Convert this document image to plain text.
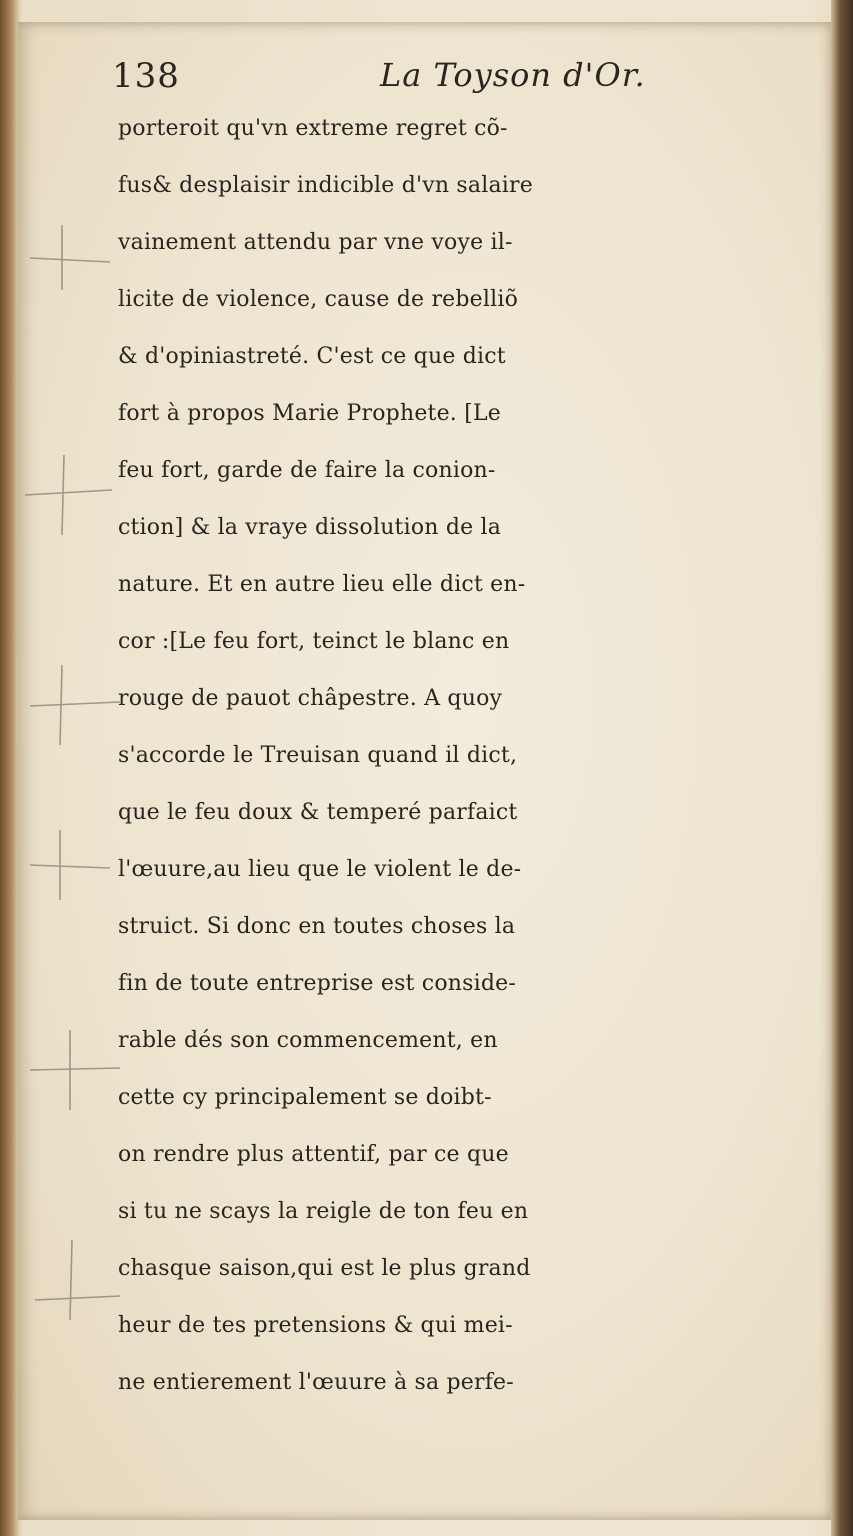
138	La Toyson d'Or.
porteroit qu'vn extreme regret cõ-
fus& desplaisir indicible d'vn salaire
vainement attendu par vne voye il-
licite de violence, cause de rebelliõ
& d'opiniastreté. C'est ce que dict
fort à propos Marie Prophete. [Le
feu fort, garde de faire la conion-
ction] & la vraye dissolution de la
nature. Et en autre lieu elle dict en-
cor :[Le feu fort, teinct le blanc en
rouge de pauot châpestre. A quoy
s'accorde le Treuisan quand il dict,
que le feu doux & temperé parfaict
l'œuure,au lieu que le violent le de-
struict. Si donc en toutes choses la
fin de toute entreprise est conside-
rable dés son commencement, en
cette cy principalement se doibt-
on rendre plus attentif, par ce que
si tu ne scays la reigle de ton feu en
chasque saison,qui est le plus grand
heur de tes pretensions & qui mei-
ne entierement l'œuure à sa perfe-
